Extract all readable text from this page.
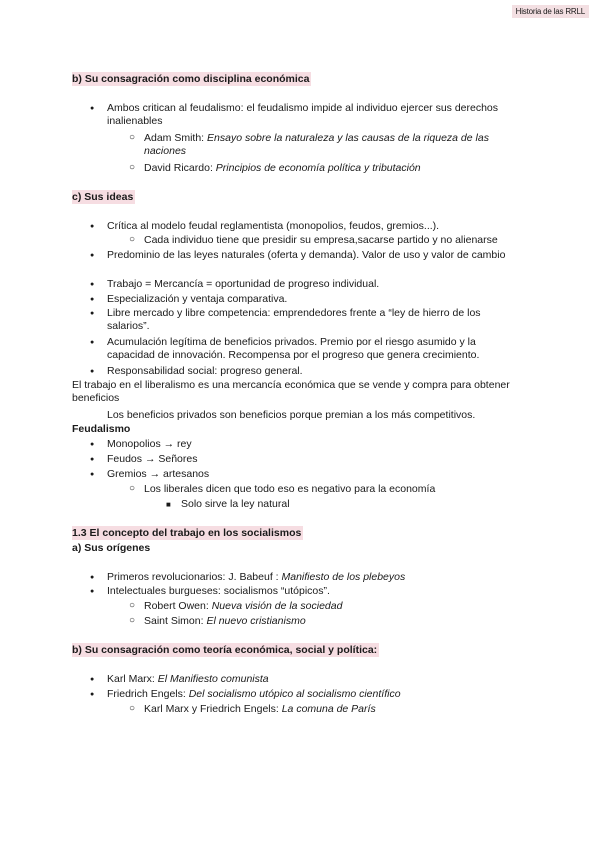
Historia de las RRLL
b) Su consagración como disciplina económica
● Ambos critican al feudalismo: el feudalismo impide al individuo ejercer sus derechos inalienables
○ Adam Smith: Ensayo sobre la naturaleza y las causas de la riqueza de las naciones
○ David Ricardo: Principios de economía política y tributación
c) Sus ideas
● Crítica al modelo feudal reglamentista (monopolios, feudos, gremios...).
○ Cada individuo tiene que presidir su empresa,sacarse partido y no alienarse
● Predominio de las leyes naturales (oferta y demanda). Valor de uso y valor de cambio
● Trabajo = Mercancía = oportunidad de progreso individual.
● Especialización y ventaja comparativa.
● Libre mercado y libre competencia: emprendedores frente a “ley de hierro de los salarios”.
● Acumulación legítima de beneficios privados. Premio por el riesgo asumido y la capacidad de innovación. Recompensa por el progreso que genera crecimiento.
● Responsabilidad social: progreso general.
El trabajo en el liberalismo es una mercancía económica que se vende y compra para obtener beneficios
Los beneficios privados son beneficios porque premian a los más competitivos.
Feudalismo
● Monopolios → rey
● Feudos → Señores
● Gremios → artesanos
○ Los liberales dicen que todo eso es negativo para la economía
■ Solo sirve la ley natural
1.3 El concepto del trabajo en los socialismos
a) Sus orígenes
● Primeros revolucionarios: J. Babeuf : Manifiesto de los plebeyos
● Intelectuales burgueses: socialismos “utópicos”.
○ Robert Owen: Nueva visión de la sociedad
○ Saint Simon: El nuevo cristianismo
b) Su consagración como teoría económica, social y política:
● Karl Marx: El Manifiesto comunista
● Friedrich Engels: Del socialismo utópico al socialismo científico
○ Karl Marx y Friedrich Engels: La comuna de París
